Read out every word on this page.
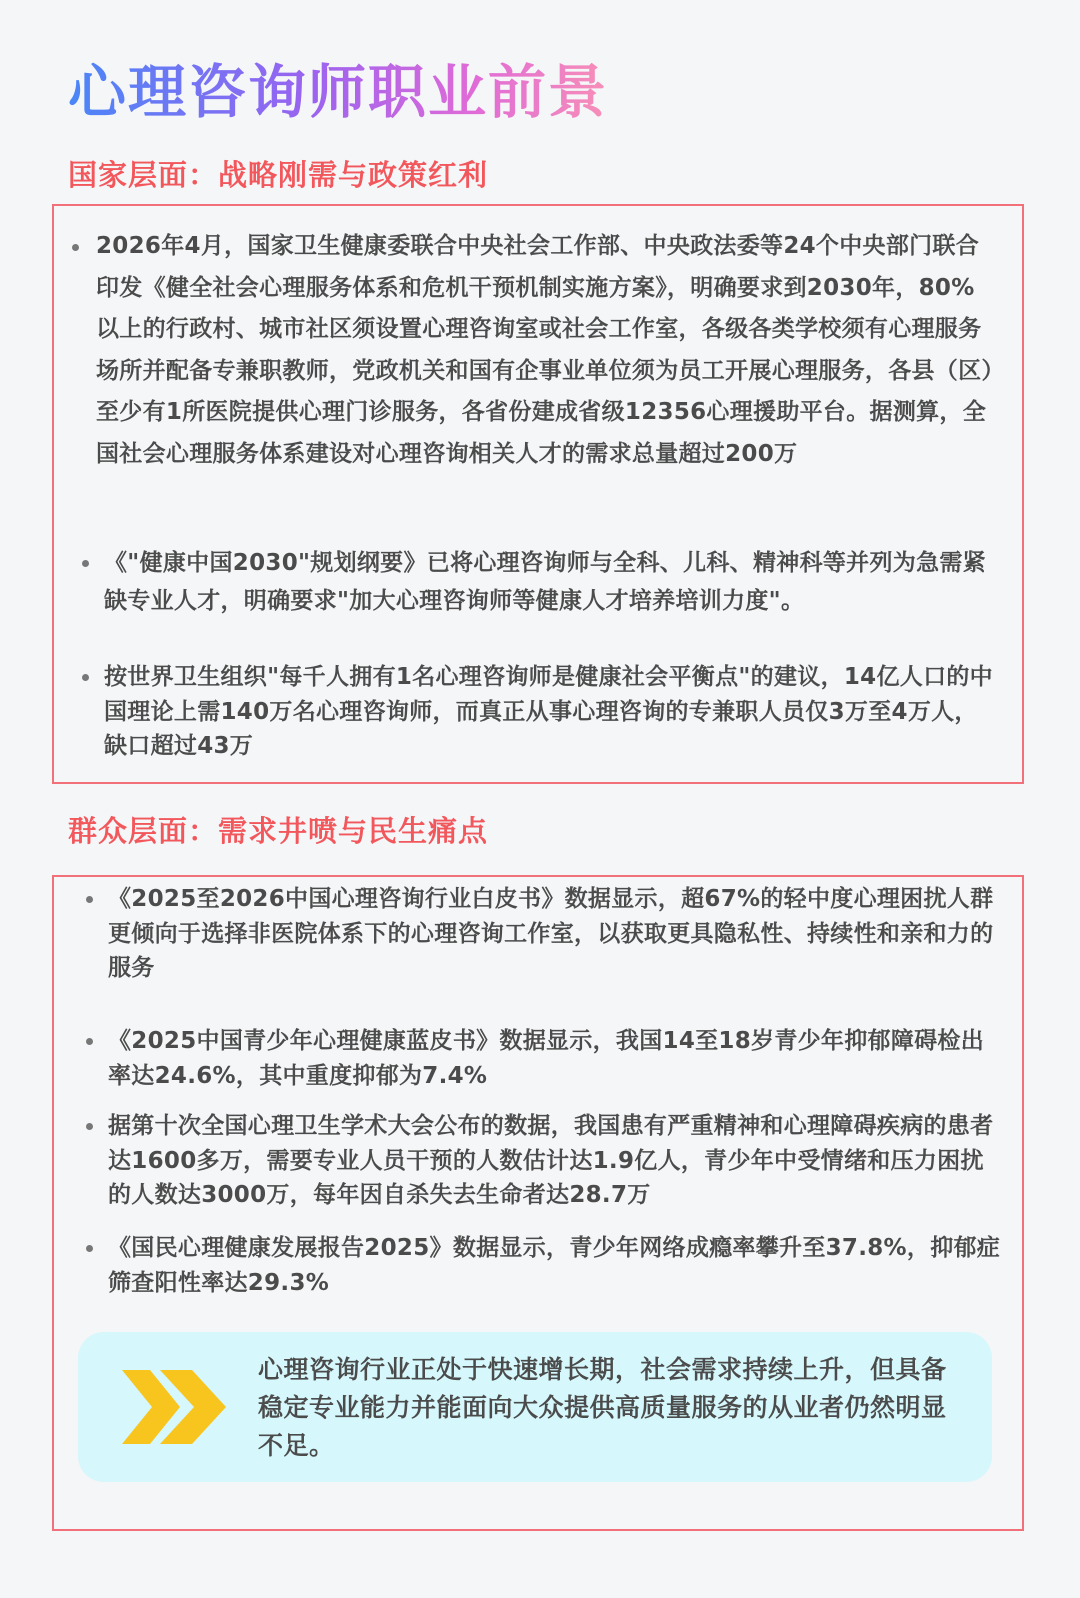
心理咨询师职业前景
国家层面：战略刚需与政策红利
2026年4月，国家卫生健康委联合中央社会工作部、中央政法委等24个中央部门联合印发《健全社会心理服务体系和危机干预机制实施方案》，明确要求到2030年，80%以上的行政村、城市社区须设置心理咨询室或社会工作室，各级各类学校须有心理服务场所并配备专兼职教师，党政机关和国有企事业单位须为员工开展心理服务，各县（区）至少有1所医院提供心理门诊服务，各省份建成省级12356心理援助平台。据测算，全国社会心理服务体系建设对心理咨询相关人才的需求总量超过200万
《"健康中国2030"规划纲要》已将心理咨询师与全科、儿科、精神科等并列为急需紧缺专业人才，明确要求"加大心理咨询师等健康人才培养培训力度"。
按世界卫生组织"每千人拥有1名心理咨询师是健康社会平衡点"的建议，14亿人口的中国理论上需140万名心理咨询师，而真正从事心理咨询的专兼职人员仅3万至4万人，缺口超过43万
群众层面：需求井喷与民生痛点
《2025至2026中国心理咨询行业白皮书》数据显示，超67%的轻中度心理困扰人群更倾向于选择非医院体系下的心理咨询工作室，以获取更具隐私性、持续性和亲和力的服务
《2025中国青少年心理健康蓝皮书》数据显示，我国14至18岁青少年抑郁障碍检出率达24.6%，其中重度抑郁为7.4%
据第十次全国心理卫生学术大会公布的数据，我国患有严重精神和心理障碍疾病的患者达1600多万，需要专业人员干预的人数估计达1.9亿人，青少年中受情绪和压力困扰的人数达3000万，每年因自杀失去生命者达28.7万
《国民心理健康发展报告2025》数据显示，青少年网络成瘾率攀升至37.8%，抑郁症筛查阳性率达29.3%
心理咨询行业正处于快速增长期，社会需求持续上升，但具备稳定专业能力并能面向大众提供高质量服务的从业者仍然明显不足。
